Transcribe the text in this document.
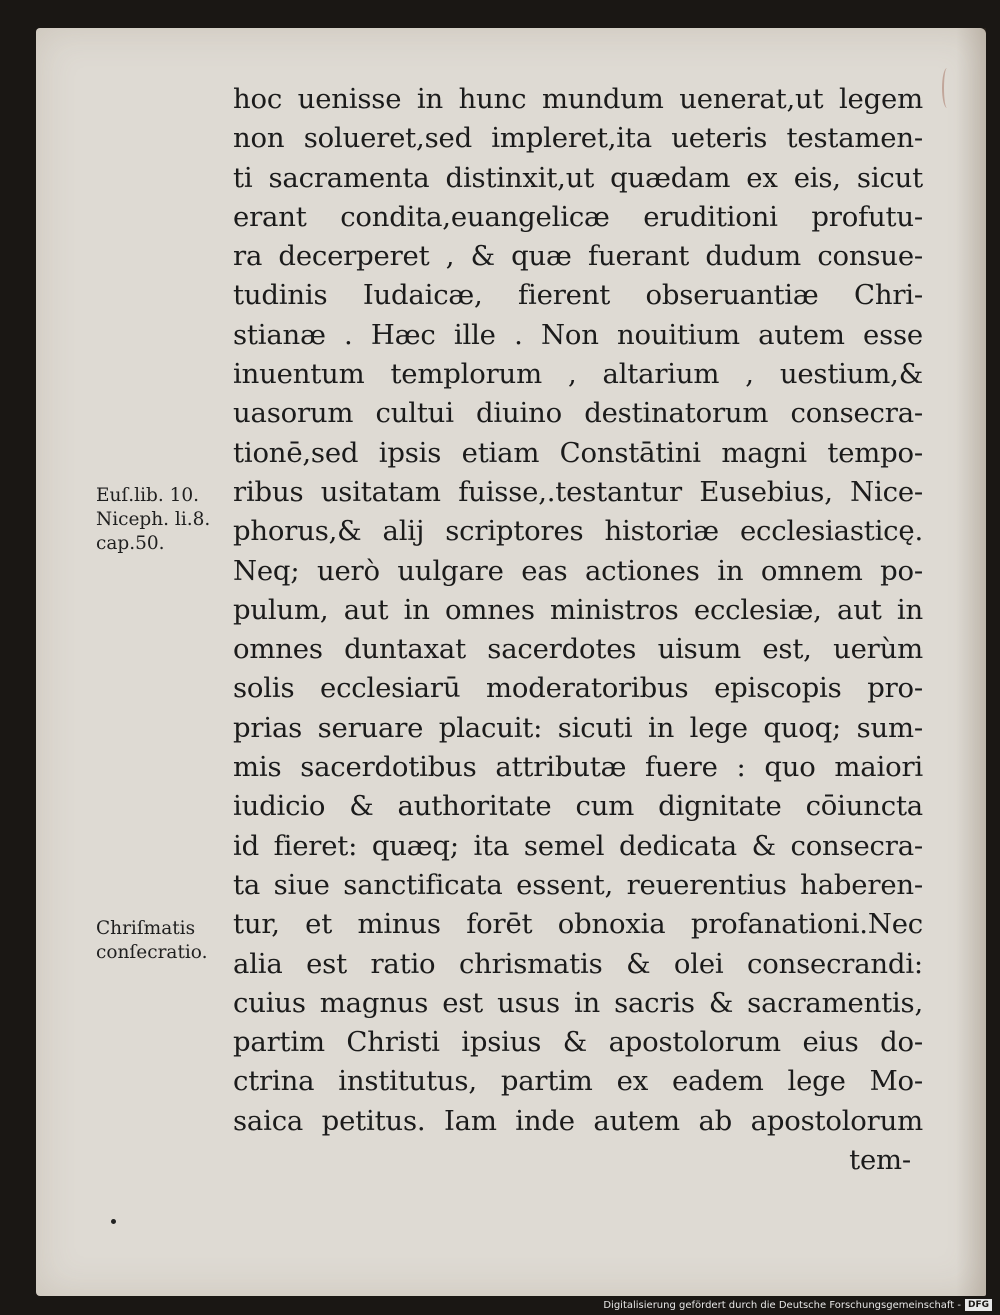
hoc uenisse in hunc mundum uenerat,ut legem
non solueret,sed impleret,ita ueteris testamen-
ti sacramenta distinxit,ut quædam ex eis, sicut
erant condita,euangelicæ eruditioni profutu-
ra decerperet , & quæ fuerant dudum consue-
tudinis Iudaicæ, fierent obseruantiæ Chri-
stianæ . Hæc ille . Non nouitium autem esse
inuentum templorum , altarium , uestium,&
uasorum cultui diuino destinatorum consecra-
tionē,sed ipsis etiam Constātini magni tempo-
ribus usitatam fuisse,.testantur Eusebius, Nice-
phorus,& alij scriptores historiæ ecclesiasticę.
Neq; uerò uulgare eas actiones in omnem po-
pulum, aut in omnes ministros ecclesiæ, aut in
omnes duntaxat sacerdotes uisum est, uerùm
solis ecclesiarū moderatoribus episcopis pro-
prias seruare placuit: sicuti in lege quoq; sum-
mis sacerdotibus attributæ fuere : quo maiori
iudicio & authoritate cum dignitate cōiuncta
id fieret: quæq; ita semel dedicata & consecra-
ta siue sanctificata essent, reuerentius haberen-
tur, et minus forēt obnoxia profanationi.Nec
alia est ratio chrismatis & olei consecrandi:
cuius magnus est usus in sacris & sacramentis,
partim Christi ipsius & apostolorum eius do-
ctrina institutus, partim ex eadem lege Mo-
saica petitus. Iam inde autem ab apostolorum
tem-
Euſ.lib. 10.
Niceph. li.8.
cap.50.
Chriſmatis
conſecratio.
Digitalisierung gefördert durch die Deutsche Forschungsgemeinschaft - DFG
